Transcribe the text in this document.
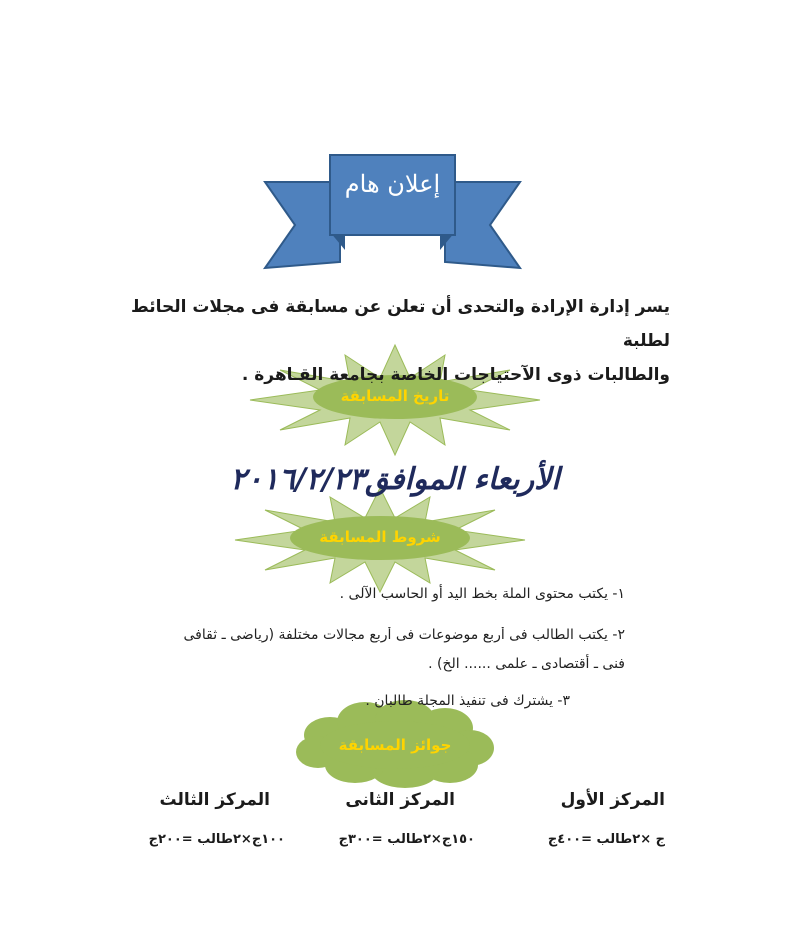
إعلان هام
يسر إدارة الإرادة والتحدى أن تعلن عن مسابقة فى مجلات الحائط لطلبة
والطالبات ذوى الآحتياجات الخاصة بجامعة القـاهرة .
تاريخ المسابقة
الأربعاء الموافق٢٠١٦/٢/٢٣
شروط المسابقة
١- يكتب محتوى الملة بخط اليد أو الحاسب الآلى .
٢- يكتب الطالب فى أربع موضوعات فى أربع مجالات مختلفة (رياضى ـ ثقافى
فنى ـ أقتصادى ـ علمى ...... الخ) .
٣- يشترك فى تنفيذ المجلة طالبان .
جوائز المسابقة
المركز الأول
المركز الثانى
المركز الثالث
ج ×٢طالب =٤٠٠ج
١٥٠ج×٢طالب =٣٠٠ج
١٠٠ج×٢طالب =٢٠٠ج
